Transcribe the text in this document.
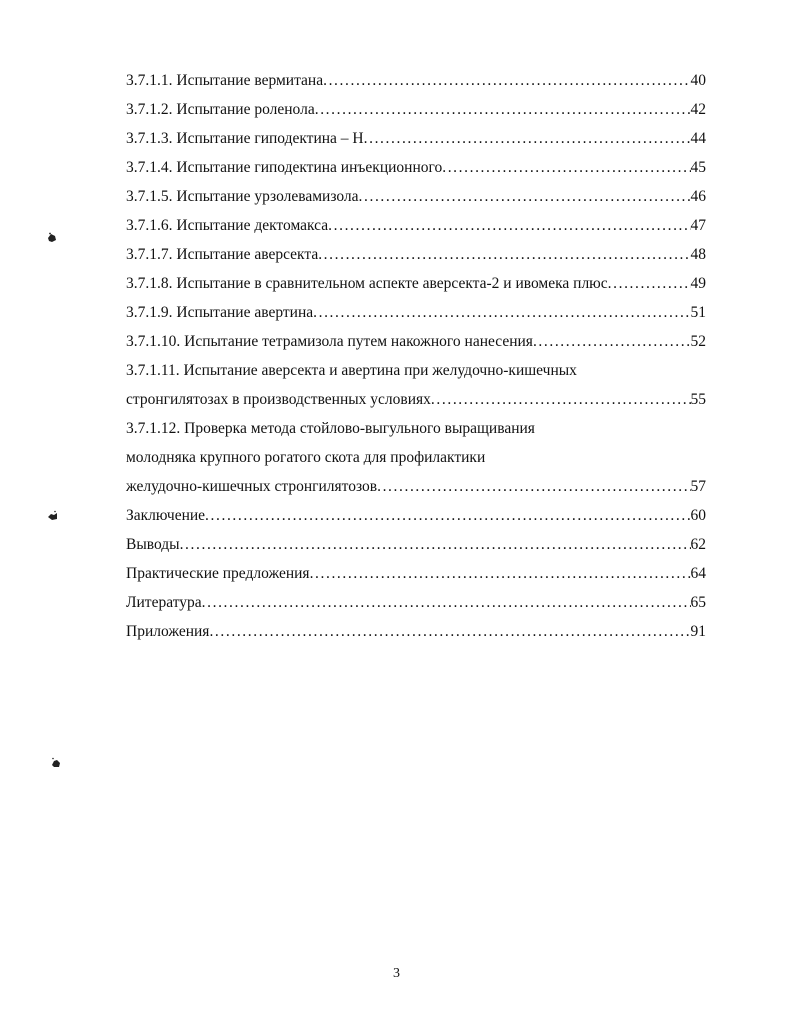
3.7.1.1. Испытание вермитана .....	40
3.7.1.2. Испытание роленола .....	42
3.7.1.3. Испытание гиподектина – Н .....	44
3.7.1.4. Испытание гиподектина инъекционного .....	45
3.7.1.5. Испытание урзолевамизола .....	46
3.7.1.6. Испытание дектомакса .....	47
3.7.1.7. Испытание аверсекта .....	48
3.7.1.8. Испытание в сравнительном аспекте аверсекта-2 и ивомека плюс .....	49
3.7.1.9. Испытание авертина .....	51
3.7.1.10. Испытание тетрамизола путем накожного нанесения .....	52
3.7.1.11. Испытание аверсекта и авертина при желудочно-кишечных
стронгилятозах в производственных условиях .....	55
3.7.1.12. Проверка метода стойлово-выгульного выращивания
молодняка крупного рогатого скота для профилактики
желудочно-кишечных стронгилятозов .....	57
Заключение .....	60
Выводы .....	62
Практические предложения .....	64
Литература .....	65
Приложения .....	91
3
